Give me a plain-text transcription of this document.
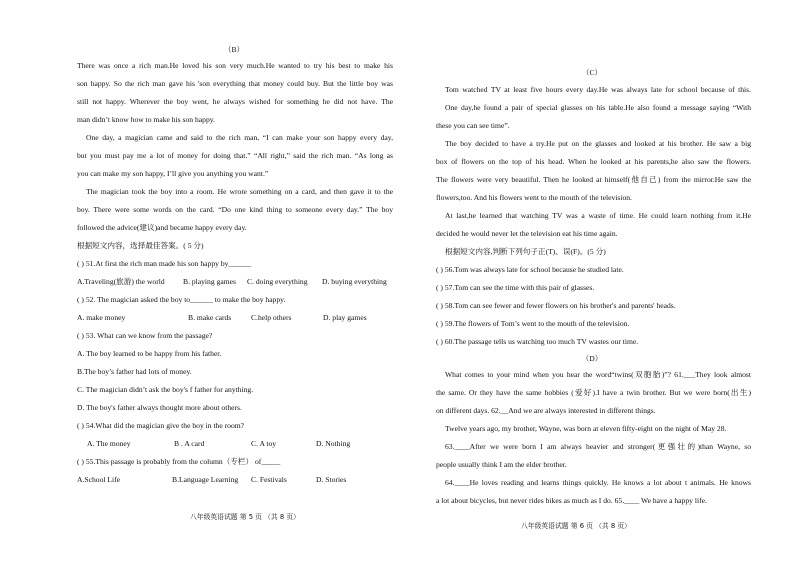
（B）
There was once a rich man.He loved his son very much.He wanted to try his best to make his
son happy. So the rich man gave his 'son everything that money could buy. But the little boy was
still not happy. Wherever the boy went, he always wished for something he did not have. The
man didn’t know how to make his son happy.
One day, a magician came and said to the rich man, “I can make your son happy every day,
but you must pay me a lot of money for doing that.” “All right,” said the rich man. “As long as
you can make my son happy, I’ll give you anything you want.”
The magician took the boy into a room. He wrote something on a card, and then gave it to the
boy. There were some words on the card. “Do one kind thing to someone every day.” The boy
followed the advice(建议)and became happy every day.
根据短文内容，选择最佳答案。( 5 分)
( ) 51.At first the rich man made his son happy by______
A.Traveling(旅游) the world B. playing games C. doing everything D. buying everything
( ) 52. The magician asked the boy to______ to make the boy happy.
A. make money	B. make cards	C.help others	D. play games
( ) 53. What can we know from the passage?
A. The boy learned to be happy from his father.
B.The boy’s father had lots of money.
C. The magician didn’t ask the boy's f father for anything.
D. The boy's father always thought more about others.
( ) 54.What did the magician give the boy in the room?
A. The money	B . A card	C. A toy	D. Nothing
( ) 55.This passage is probably from the column（专栏） of_____
A.School Life	B.Language Learning C. Festivals	D. Stories
八年级英语试题 第 5 页 （共 8 页）
（C）
Tom watched TV at least five hours every day.He was always late for school because of this.
One day,he found a pair of special glasses on his table.He also found a message saying “With
these you can see time”.
The boy decided to have a try.He put on the glasses and looked at his brother. He saw a big
box of flowers on the top of his head. When he looked at his parents,he also saw the flowers.
The flowers were very beautiful. Then he looked at himself(他自己) from the mirror.He saw the
flowers,too. And his flowers went to the mouth of the television.
At last,he learned that watching TV was a waste of time. He could learn nothing from it.He
decided he would never let the television eat his time again.
根据短文内容,判断下列句子正(T)、误(F)。(5 分)
( ) 56.Tom was always late for school because he studied late.
( ) 57.Tom can see the time with this pair of glasses.
( ) 58.Tom can see fewer and fewer flowers on his brother's and parents' heads.
( ) 59.The flowers of Tom’s went to the mouth of the television.
( ) 60.The passage tells us watching too much TV wastes our time.
（D）
What comes to your mind when you hear the word“twins(双胞胎)”? 61.___They look almost
the same. Or they have the same hobbies (爱好).I have a twin brother. But we were born(出生)
on different days. 62.__And we are always interested in different things.
Twelve years ago, my brother, Wayne, was born at eleven fifty-eight on the night of May 28.
63.____After we were born I am always heavier and stronger(更强壮的)than Wayne, so
people usually think I am the elder brother.
64.____He loves reading and learns things quickly. He knows a lot about t animals. He knows
a lot about bicycles, but never rides bikes as much as I do. 65.____ We have a happy life.
八年级英语试题 第 6 页 （共 8 页）
